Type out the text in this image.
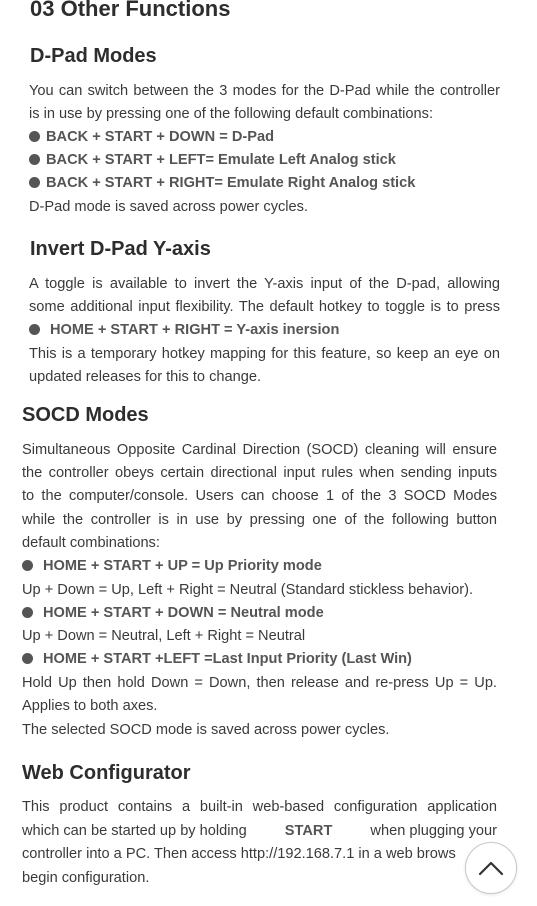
03 Other Functions
D-Pad Modes

You can switch between the 3 modes for the D-Pad while the controller

is in use by pressing one of the following default combinations:

BACK + START + DOWN = D-Pad

BACK + START + LEFT= Emulate Left Analog stick

BACK + START + RIGHT= Emulate Right Analog stick

D-Pad mode is saved across power cycles.

Invert D-Pad Y-axis

A toggle is available to invert the Y-axis input of the D-pad, allowing

some additional input flexibility. The default hotkey to toggle is to press

HOME + START + RIGHT = Y-axis inersion

This is a temporary hotkey mapping for this feature, so keep an eye on

updated releases for this to change.

SOCD Modes

Simultaneous Opposite Cardinal Direction (SOCD) cleaning will ensure

the controller obeys certain directional input rules when sending inputs

to the computer/console. Users can choose 1 of the 3 SOCD Modes

while the controller is in use by pressing one of the following button

default combinations:

HOME + START + UP = Up Priority mode

Up + Down = Up, Left + Right = Neutral (Standard stickless behavior).

HOME + START + DOWN = Neutral mode

Up + Down = Neutral, Left + Right = Neutral

HOME + START +LEFT =Last Input Priority (Last Win)

Hold Up then hold Down = Down, then release and re-press Up = Up.

Applies to both axes.

The selected SOCD mode is saved across power cycles.

Web Configurator

This product contains a built-in web-based configuration application

which can be started up by holding	START	when plugging your

controller into a PC. Then access http://192.168.7.1 in a web brows

begin configuration.
